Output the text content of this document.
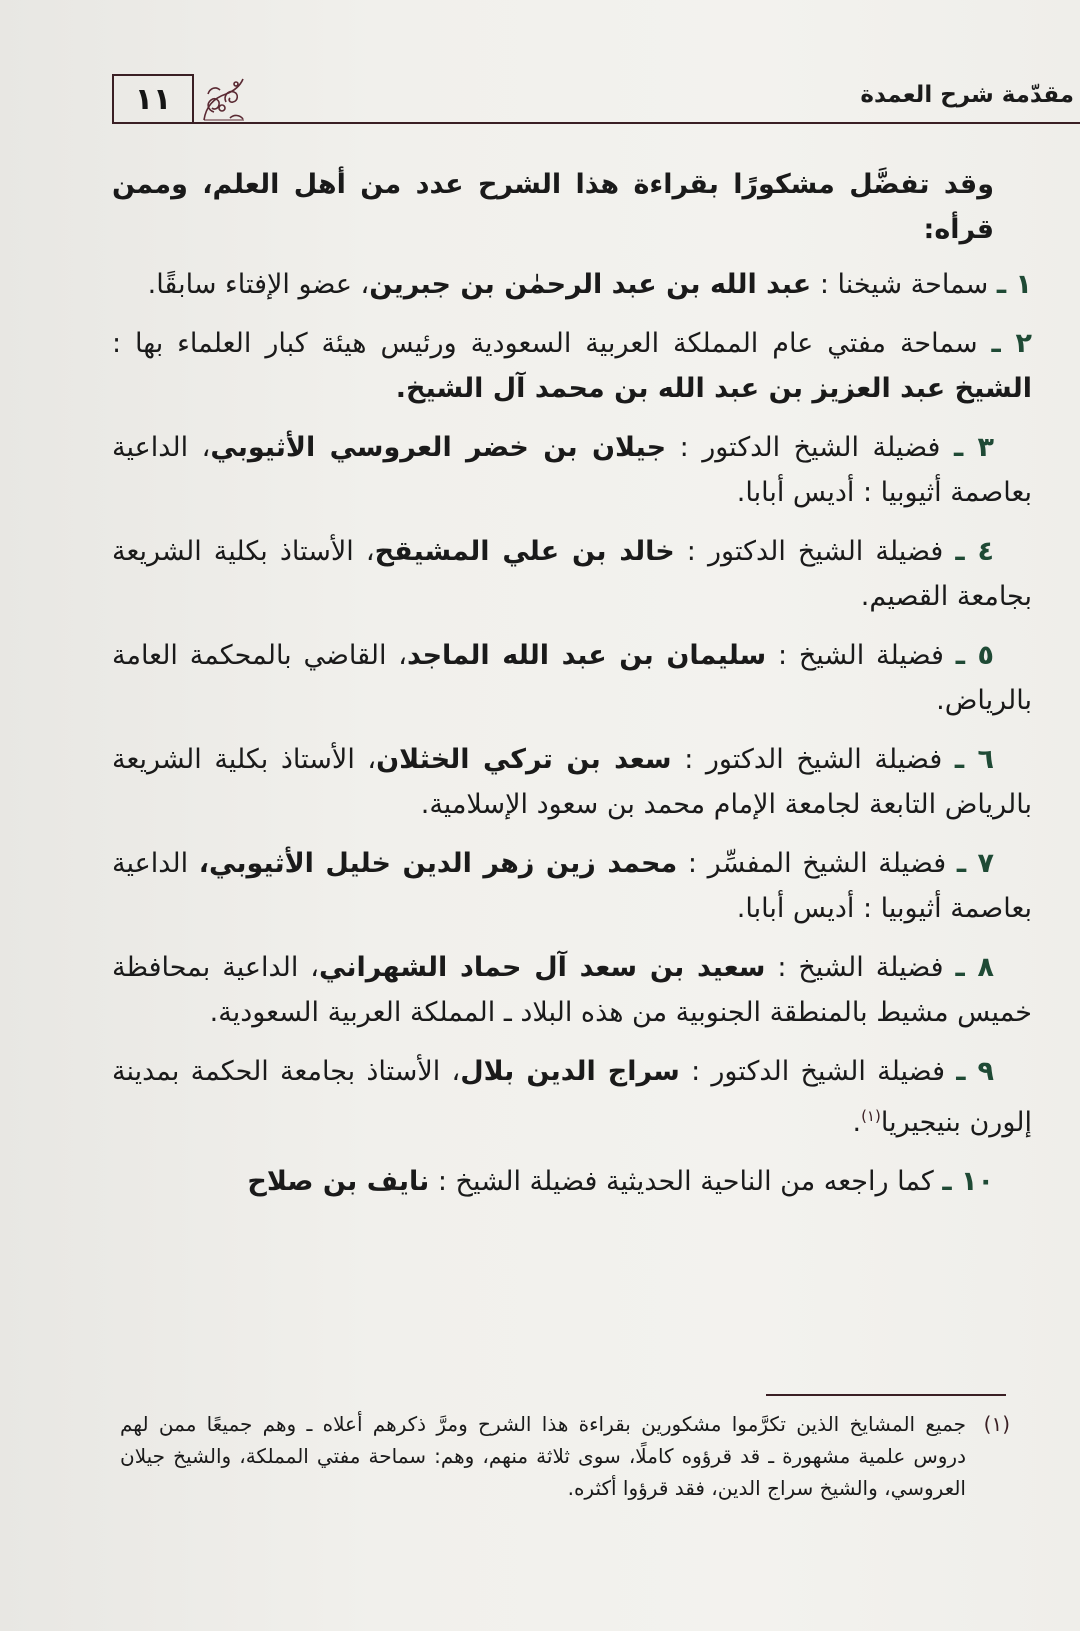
١١	مقدّمة شرح العمدة

وقد تفضَّل مشكورًا بقراءة هذا الشرح عدد من أهل العلم، وممن قرأه:

١ ـ سماحة شيخنا : عبد الله بن عبد الرحمٰن بن جبرين، عضو الإفتاء سابقًا.

٢ ـ سماحة مفتي عام المملكة العربية السعودية ورئيس هيئة كبار العلماء بها : الشيخ عبد العزيز بن عبد الله بن محمد آل الشيخ.

٣ ـ فضيلة الشيخ الدكتور : جيلان بن خضر العروسي الأثيوبي، الداعية بعاصمة أثيوبيا : أديس أبابا.

٤ ـ فضيلة الشيخ الدكتور : خالد بن علي المشيقح، الأستاذ بكلية الشريعة بجامعة القصيم.

٥ ـ فضيلة الشيخ : سليمان بن عبد الله الماجد، القاضي بالمحكمة العامة بالرياض.

٦ ـ فضيلة الشيخ الدكتور : سعد بن تركي الخثلان، الأستاذ بكلية الشريعة بالرياض التابعة لجامعة الإمام محمد بن سعود الإسلامية.

٧ ـ فضيلة الشيخ المفسِّر : محمد زين زهر الدين خليل الأثيوبي، الداعية بعاصمة أثيوبيا : أديس أبابا.

٨ ـ فضيلة الشيخ : سعيد بن سعد آل حماد الشهراني، الداعية بمحافظة خميس مشيط بالمنطقة الجنوبية من هذه البلاد ـ المملكة العربية السعودية.

٩ ـ فضيلة الشيخ الدكتور : سراج الدين بلال، الأستاذ بجامعة الحكمة بمدينة إلورن بنيجيريا$^{(١)}$.

١٠ ـ كما راجعه من الناحية الحديثية فضيلة الشيخ : نايف بن صلاح

(١)
جميع المشايخ الذين تكرَّموا مشكورين بقراءة هذا الشرح ومرَّ ذكرهم أعلاه ـ وهم جميعًا ممن لهم دروس علمية مشهورة ـ قد قرؤوه كاملًا، سوى ثلاثة منهم، وهم: سماحة مفتي المملكة، والشيخ جيلان العروسي، والشيخ سراج الدين، فقد قرؤوا أكثره.
